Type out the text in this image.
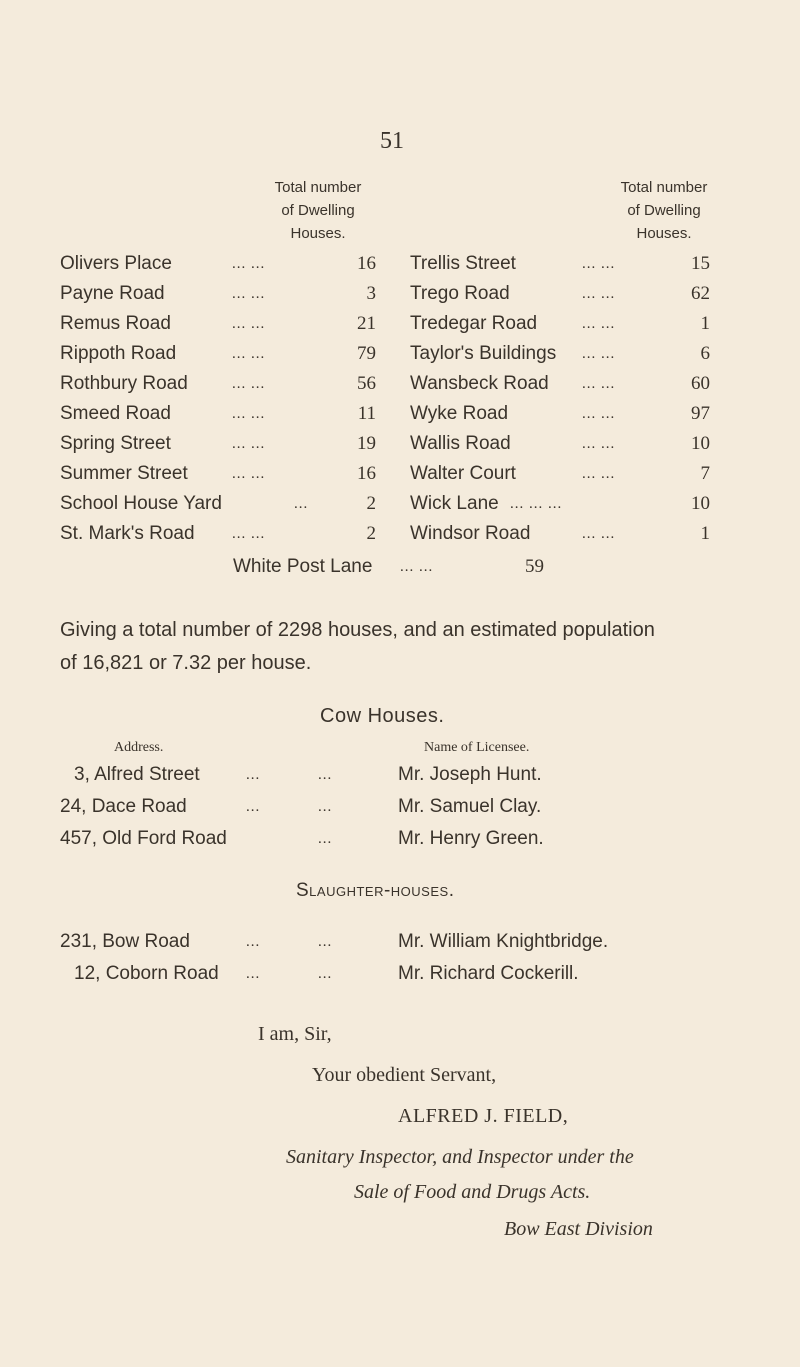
51
Total number
of Dwelling
Houses.
Total number
of Dwelling
Houses.
Olivers Place	... ...	16
Payne Road	... ...	3
Remus Road	... ...	21
Rippoth Road	... ...	79
Rothbury Road	... ...	56
Smeed Road	... ...	11
Spring Street	... ...	19
Summer Street	... ...	16
School House Yard	...	2
St. Mark's Road ... ...	2
Trellis Street	... ...	15
Trego Road	... ...	62
Tredegar Road	... ...	1
Taylor's Buildings ... ...	6
Wansbeck Road ... ...	60
Wyke Road	... ...	97
Wallis Road	... ...	10
Walter Court	... ...	7
Wick Lane ... ... ...	10
Windsor Road	... ...	1
White Post Lane ... ...	59
Giving a total number of 2298 houses, and an estimated population
of 16,821 or 7.32 per house.
Cow Houses.
Address.	Name of Licensee.
3, Alfred Street	...	...	Mr. Joseph Hunt.
24, Dace Road	...	...	Mr. Samuel Clay.
457, Old Ford Road	...	Mr. Henry Green.
Slaughter-houses.
231, Bow Road	...	...	Mr. William Knightbridge.
12, Coborn Road ...	...	Mr. Richard Cockerill.
I am, Sir,
Your obedient Servant,
ALFRED J. FIELD,
Sanitary Inspector, and Inspector under the
Sale of Food and Drugs Acts.
Bow East Division
